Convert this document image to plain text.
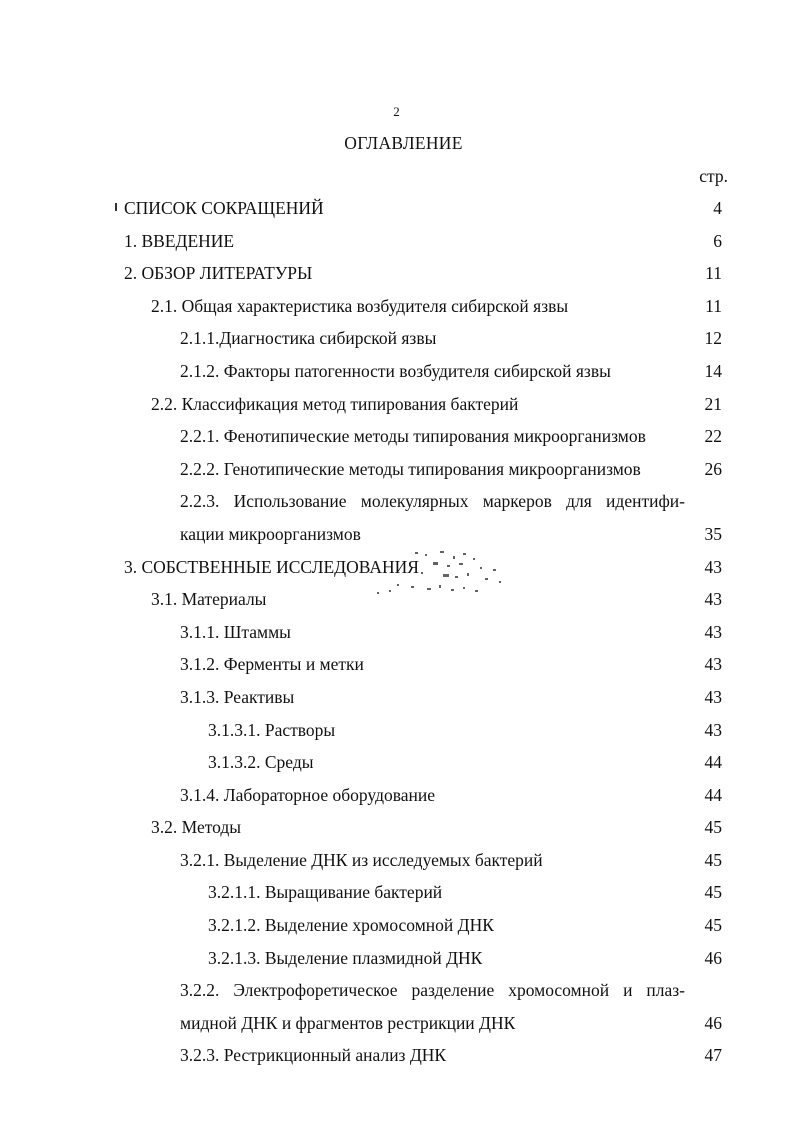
2
ОГЛАВЛЕНИЕ
стр.
СПИСОК СОКРАЩЕНИЙ	4
1. ВВЕДЕНИЕ	6
2. ОБЗОР ЛИТЕРАТУРЫ	11
2.1. Общая характеристика возбудителя сибирской язвы	11
2.1.1.Диагностика сибирской язвы	12
2.1.2. Факторы патогенности возбудителя сибирской язвы	14
2.2. Классификация метод типирования бактерий	21
2.2.1. Фенотипические методы типирования микроорганизмов	22
2.2.2. Генотипические методы типирования микроорганизмов	26
2.2.3. Использование молекулярных маркеров для идентифи-
кации микроорганизмов	35
3. СОБСТВЕННЫЕ ИССЛЕДОВАНИЯ	43
3.1. Материалы	43
3.1.1. Штаммы	43
3.1.2. Ферменты и метки	43
3.1.3. Реактивы	43
3.1.3.1. Растворы	43
3.1.3.2. Среды	44
3.1.4. Лабораторное оборудование	44
3.2. Методы	45
3.2.1. Выделение ДНК из исследуемых бактерий	45
3.2.1.1. Выращивание бактерий	45
3.2.1.2. Выделение хромосомной ДНК	45
3.2.1.3. Выделение плазмидной ДНК	46
3.2.2. Электрофоретическое разделение хромосомной и плаз-
мидной ДНК и фрагментов рестрикции ДНК	46
3.2.3. Рестрикционный анализ ДНК	47
